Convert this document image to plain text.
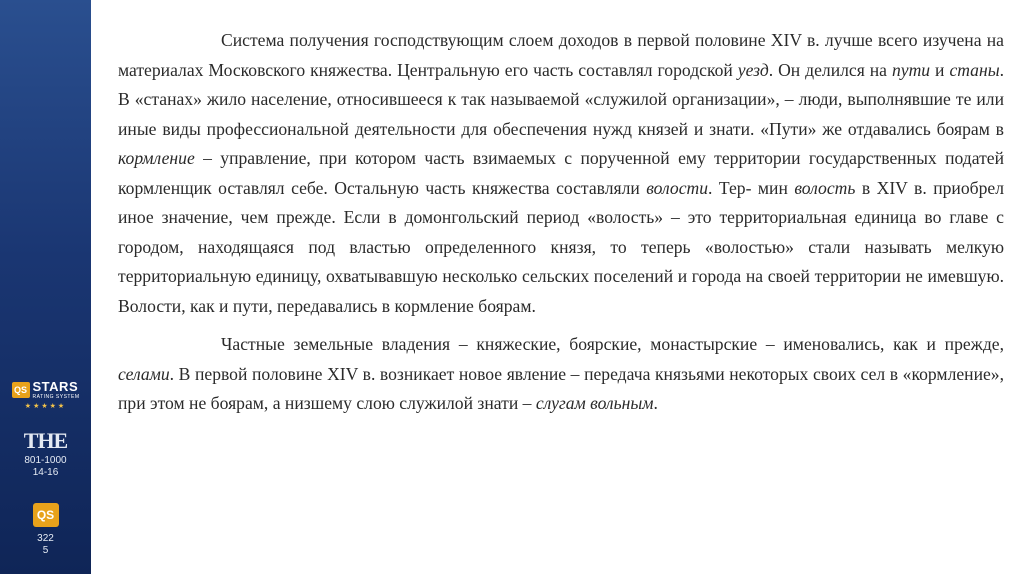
QS STARS
RATING SYSTEM
★★★★★
THE
801-1000
14-16
QS
322
5

Система получения господствующим слоем доходов в первой половине XIV в. лучше всего изучена на материалах Московского княжества. Центральную его часть составлял городской уезд. Он делился на пути и станы. В «станах» жило население, относившееся к так называемой «служилой организации», – люди, выполнявшие те или иные виды профессиональной деятельности для обеспечения нужд князей и знати. «Пути» же отдавались боярам в кормление – управление, при котором часть взимаемых с порученной ему территории государственных податей кормленщик оставлял себе. Остальную часть княжества составляли волости. Тер- мин волость в XIV в. приобрел иное значение, чем прежде. Если в домонгольский период «волость» – это территориальная единица во главе с городом, находящаяся под властью определенного князя, то теперь «волостью» стали называть мелкую территориальную единицу, охватывавшую несколько сельских поселений и города на своей территории не имевшую. Волости, как и пути, передавались в кормление боярам.

Частные земельные владения – княжеские, боярские, монастырские – именовались, как и прежде, селами. В первой половине XIV в. возникает новое явление – передача князьями некоторых своих сел в «кормление», при этом не боярам, а низшему слою служилой знати – слугам вольным.
